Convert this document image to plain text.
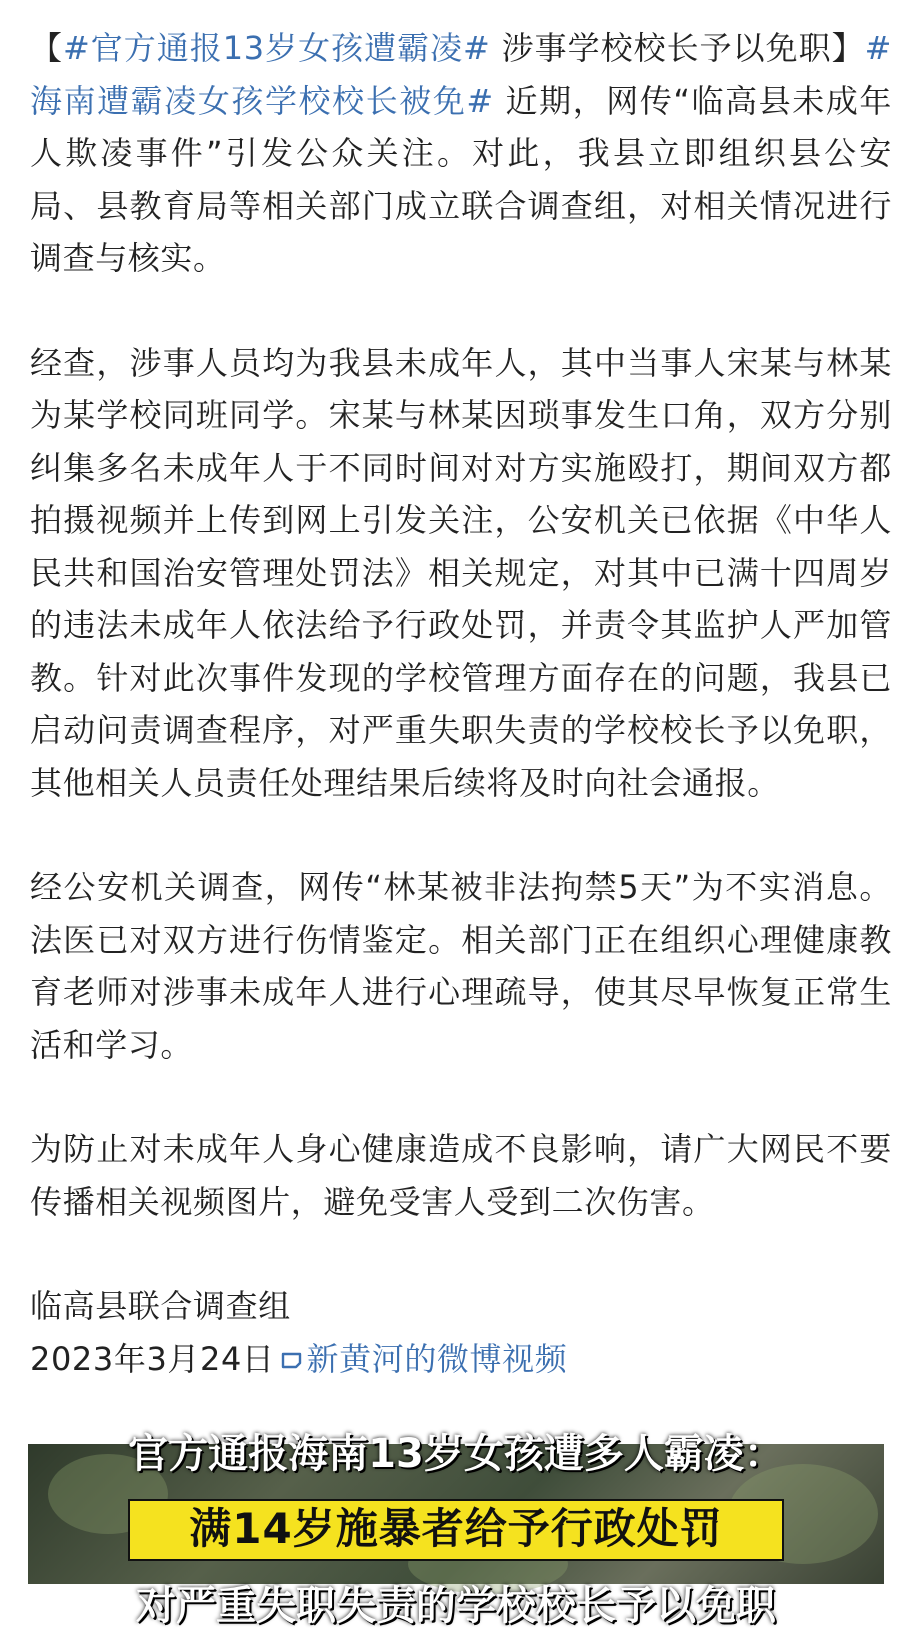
【#官方通报13岁女孩遭霸凌# 涉事学校校长予以免职】#海南遭霸凌女孩学校校长被免# 近期，网传“临高县未成年人欺凌事件”引发公众关注。对此，我县立即组织县公安局、县教育局等相关部门成立联合调查组，对相关情况进行调查与核实。

经查，涉事人员均为我县未成年人，其中当事人宋某与林某为某学校同班同学。宋某与林某因琐事发生口角，双方分别纠集多名未成年人于不同时间对对方实施殴打，期间双方都拍摄视频并上传到网上引发关注，公安机关已依据《中华人民共和国治安管理处罚法》相关规定，对其中已满十四周岁的违法未成年人依法给予行政处罚，并责令其监护人严加管教。针对此次事件发现的学校管理方面存在的问题，我县已启动问责调查程序，对严重失职失责的学校校长予以免职，其他相关人员责任处理结果后续将及时向社会通报。

经公安机关调查，网传“林某被非法拘禁5天”为不实消息。法医已对双方进行伤情鉴定。相关部门正在组织心理健康教育老师对涉事未成年人进行心理疏导，使其尽早恢复正常生活和学习。

为防止对未成年人身心健康造成不良影响，请广大网民不要传播相关视频图片，避免受害人受到二次伤害。

临高县联合调查组

2023年3月24日 新黄河的微博视频

官方通报海南13岁女孩遭多人霸凌：
满14岁施暴者给予行政处罚
对严重失职失责的学校校长予以免职
